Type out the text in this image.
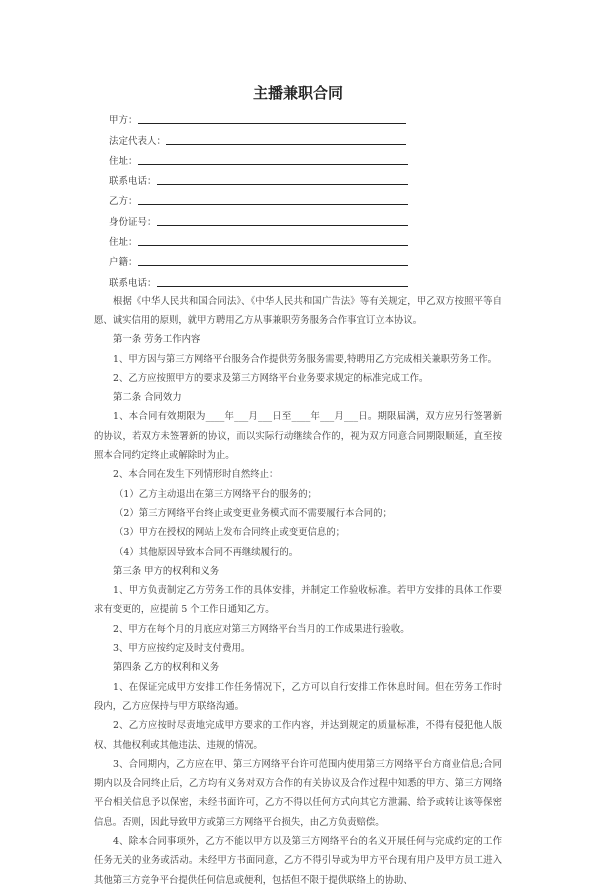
主播兼职合同
甲方：
法定代表人：
住址：
联系电话：
乙方：
身份证号：
住址：
户籍：
联系电话：

根据《中华人民共和国合同法》、《中华人民共和国广告法》等有关规定，甲乙双方按照平等自愿、诚实信用的原则，就甲方聘用乙方从事兼职劳务服务合作事宜订立本协议。

第一条 劳务工作内容

1、甲方因与第三方网络平台服务合作提供劳务服务需要,特聘用乙方完成相关兼职劳务工作。

2、乙方应按照甲方的要求及第三方网络平台业务要求规定的标准完成工作。

第二条 合同效力

1、本合同有效期限为____年___月___日至____年___月___日。期限届满，双方应另行签署新的协议，若双方未签署新的协议，而以实际行动继续合作的，视为双方同意合同期限顺延，直至按照本合同约定终止或解除时为止。

2、本合同在发生下列情形时自然终止：

（1）乙方主动退出在第三方网络平台的服务的；

（2）第三方网络平台终止或变更业务模式而不需要履行本合同的；

（3）甲方在授权的网站上发布合同终止或变更信息的；

（4）其他原因导致本合同不再继续履行的。

第三条 甲方的权利和义务

1、甲方负责制定乙方劳务工作的具体安排，并制定工作验收标准。若甲方安排的具体工作要求有变更的，应提前 5 个工作日通知乙方。

2、甲方在每个月的月底应对第三方网络平台当月的工作成果进行验收。

3、甲方应按约定及时支付费用。

第四条 乙方的权利和义务

1、在保证完成甲方安排工作任务情况下，乙方可以自行安排工作休息时间。但在劳务工作时段内，乙方应保持与甲方联络沟通。

2、乙方应按时尽责地完成甲方要求的工作内容，并达到规定的质量标准，不得有侵犯他人版权、其他权利或其他违法、违规的情况。

3、合同期内，乙方应在甲、第三方网络平台许可范围内使用第三方网络平台方商业信息;合同期内以及合同终止后，乙方均有义务对双方合作的有关协议及合作过程中知悉的甲方、第三方网络平台相关信息予以保密，未经书面许可，乙方不得以任何方式向其它方泄漏、给予或转让该等保密信息。否则，因此导致甲方或第三方网络平台损失，由乙方负责赔偿。

4、除本合同事项外，乙方不能以甲方以及第三方网络平台的名义开展任何与完成约定的工作任务无关的业务或活动。未经甲方书面同意，乙方不得引导或为甲方平台现有用户及甲方员工进入其他第三方竞争平台提供任何信息或便利，包括但不限于提供联络上的协助、
